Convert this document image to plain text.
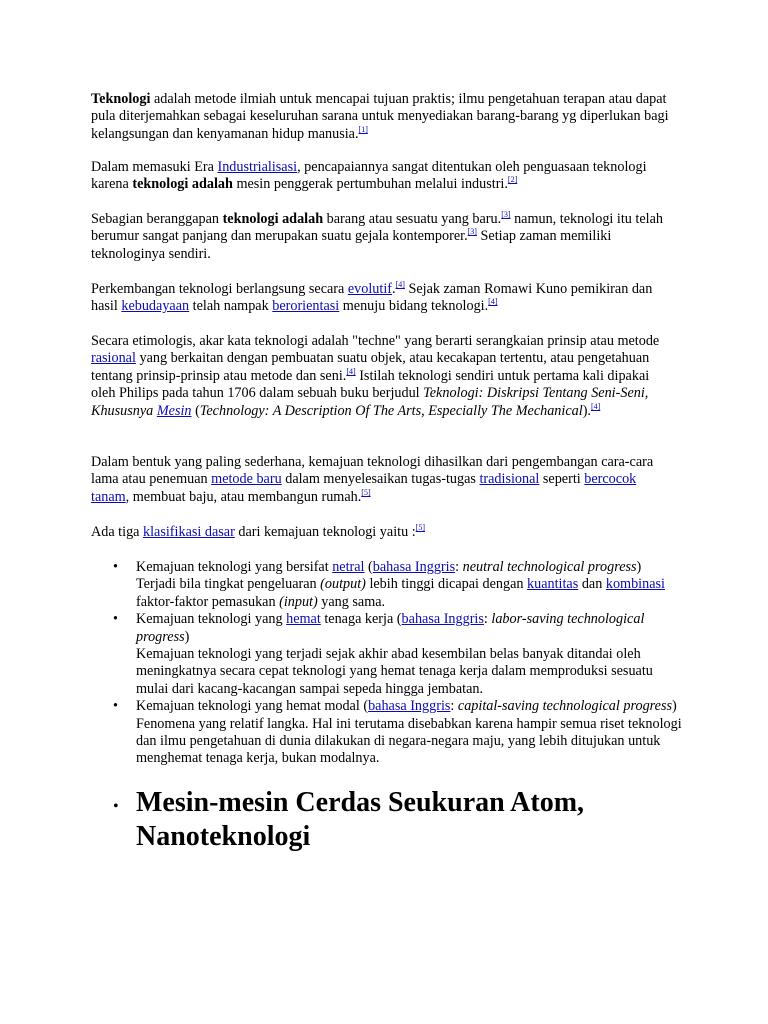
Teknologi adalah metode ilmiah untuk mencapai tujuan praktis; ilmu pengetahuan terapan atau dapat pula diterjemahkan sebagai keseluruhan sarana untuk menyediakan barang-barang yg diperlukan bagi kelangsungan dan kenyamanan hidup manusia.[1]

Dalam memasuki Era Industrialisasi, pencapaiannya sangat ditentukan oleh penguasaan teknologi karena teknologi adalah mesin penggerak pertumbuhan melalui industri.[2]

Sebagian beranggapan teknologi adalah barang atau sesuatu yang baru.[3] namun, teknologi itu telah berumur sangat panjang dan merupakan suatu gejala kontemporer.[3] Setiap zaman memiliki teknologinya sendiri.

Perkembangan teknologi berlangsung secara evolutif.[4] Sejak zaman Romawi Kuno pemikiran dan hasil kebudayaan telah nampak berorientasi menuju bidang teknologi.[4]

Secara etimologis, akar kata teknologi adalah "techne" yang berarti serangkaian prinsip atau metode rasional yang berkaitan dengan pembuatan suatu objek, atau kecakapan tertentu, atau pengetahuan tentang prinsip-prinsip atau metode dan seni.[4] Istilah teknologi sendiri untuk pertama kali dipakai oleh Philips pada tahun 1706 dalam sebuah buku berjudul Teknologi: Diskripsi Tentang Seni-Seni, Khususnya Mesin (Technology: A Description Of The Arts, Especially The Mechanical).[4]

Dalam bentuk yang paling sederhana, kemajuan teknologi dihasilkan dari pengembangan cara-cara lama atau penemuan metode baru dalam menyelesaikan tugas-tugas tradisional seperti bercocok tanam, membuat baju, atau membangun rumah.[5]

Ada tiga klasifikasi dasar dari kemajuan teknologi yaitu :[5]

• Kemajuan teknologi yang bersifat netral (bahasa Inggris: neutral technological progress)
Terjadi bila tingkat pengeluaran (output) lebih tinggi dicapai dengan kuantitas dan kombinasi faktor-faktor pemasukan (input) yang sama.
• Kemajuan teknologi yang hemat tenaga kerja (bahasa Inggris: labor-saving technological progress)
Kemajuan teknologi yang terjadi sejak akhir abad kesembilan belas banyak ditandai oleh meningkatnya secara cepat teknologi yang hemat tenaga kerja dalam memproduksi sesuatu mulai dari kacang-kacangan sampai sepeda hingga jembatan.
• Kemajuan teknologi yang hemat modal (bahasa Inggris: capital-saving technological progress)
Fenomena yang relatif langka. Hal ini terutama disebabkan karena hampir semua riset teknologi dan ilmu pengetahuan di dunia dilakukan di negara-negara maju, yang lebih ditujukan untuk menghemat tenaga kerja, bukan modalnya.
• Mesin-mesin Cerdas Seukuran Atom, Nanoteknologi
